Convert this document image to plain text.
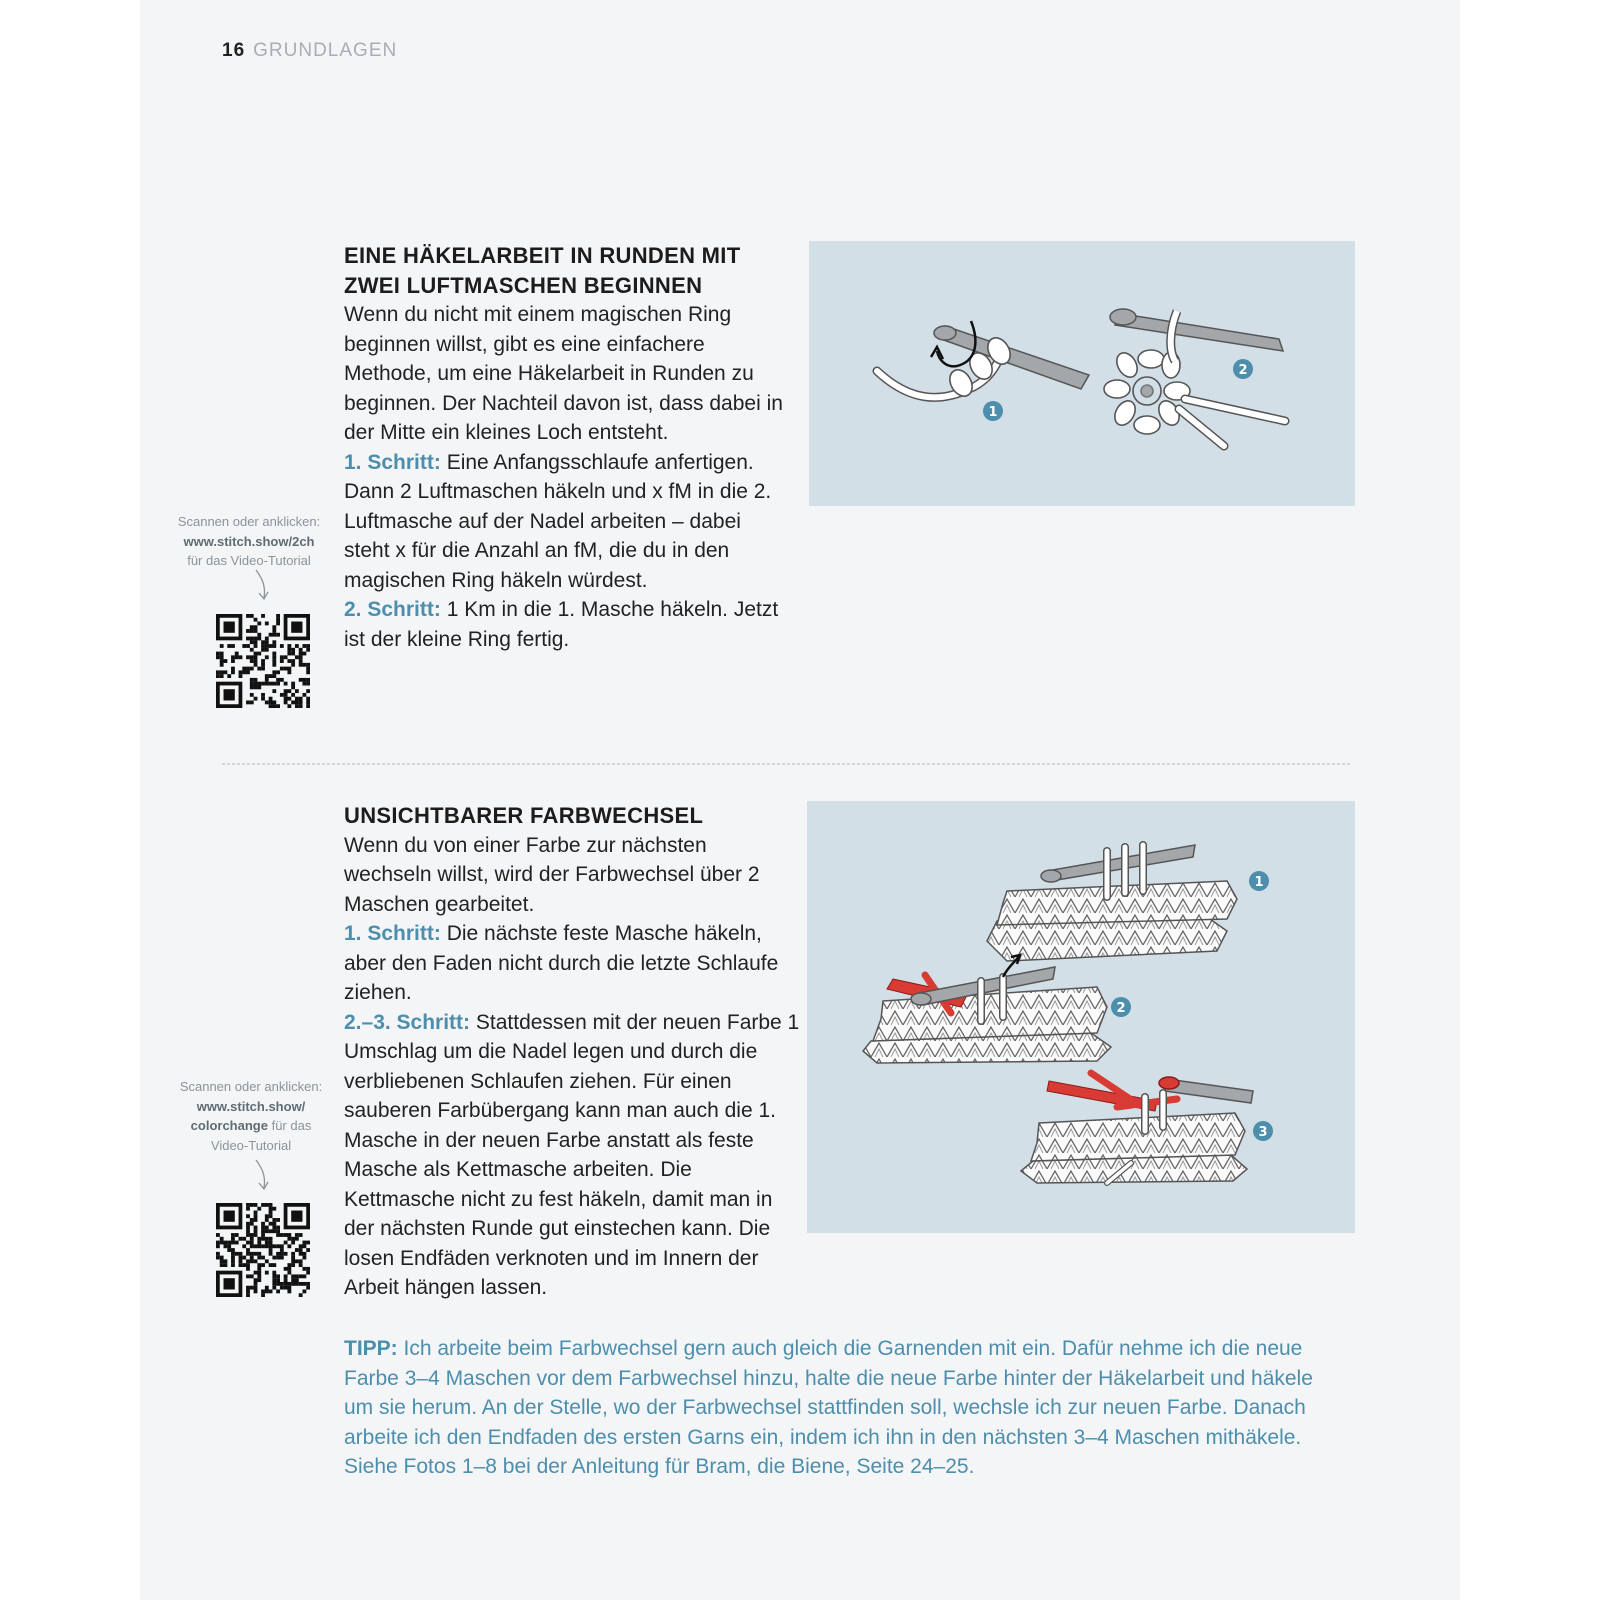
16 GRUNDLAGEN
EINE HÄKELARBEIT IN RUNDEN MIT
ZWEI LUFTMASCHEN BEGINNEN

Wenn du nicht mit einem magischen Ring beginnen willst, gibt es eine einfachere Methode, um eine Häkelarbeit in Runden zu beginnen. Der Nachteil davon ist, dass dabei in der Mitte ein kleines Loch entsteht.

1. Schritt: Eine Anfangsschlaufe anfertigen. Dann 2 Luftmaschen häkeln und x fM in die 2. Luftmasche auf der Nadel arbeiten – dabei steht x für die Anzahl an fM, die du in den magischen Ring häkeln würdest.

2. Schritt: 1 Km in die 1. Masche häkeln. Jetzt ist der kleine Ring fertig.

Scannen oder anklicken:
www.stitch.show/2ch
für das Video-Tutorial
1
2
UNSICHTBARER FARBWECHSEL

Wenn du von einer Farbe zur nächsten wechseln willst, wird der Farbwechsel über 2 Maschen gearbeitet.

1. Schritt: Die nächste feste Masche häkeln, aber den Faden nicht durch die letzte Schlaufe ziehen.

2.–3. Schritt: Stattdessen mit der neuen Farbe 1 Umschlag um die Nadel legen und durch die verbliebenen Schlaufen ziehen. Für einen sauberen Farbübergang kann man auch die 1. Masche in der neuen Farbe anstatt als feste Masche als Kettmasche arbeiten. Die Kettmasche nicht zu fest häkeln, damit man in der nächsten Runde gut einstechen kann. Die losen Endfäden verknoten und im Innern der Arbeit hängen lassen.

Scannen oder anklicken:
www.stitch.show/
colorchange für das
Video-Tutorial
1
2
3
TIPP: Ich arbeite beim Farbwechsel gern auch gleich die Garnenden mit ein. Dafür nehme ich die neue Farbe 3–4 Maschen vor dem Farbwechsel hinzu, halte die neue Farbe hinter der Häkelarbeit und häkele um sie herum. An der Stelle, wo der Farbwechsel stattfinden soll, wechsle ich zur neuen Farbe. Danach arbeite ich den Endfaden des ersten Garns ein, indem ich ihn in den nächsten 3–4 Maschen mithäkele. Siehe Fotos 1–8 bei der Anleitung für Bram, die Biene, Seite 24–25.
